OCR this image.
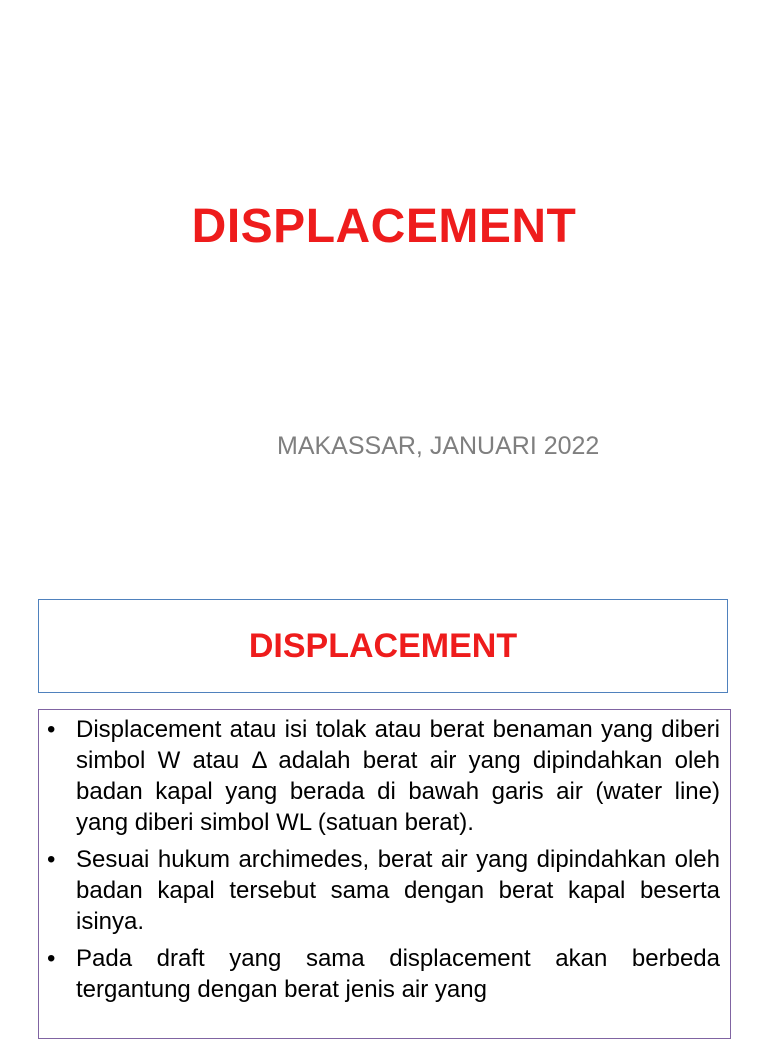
DISPLACEMENT
MAKASSAR, JANUARI 2022
DISPLACEMENT
• Displacement atau isi tolak atau berat benaman yang diberi simbol W atau Δ adalah berat air yang dipindahkan oleh badan kapal yang berada di bawah garis air (water line) yang diberi simbol WL (satuan berat).
• Sesuai hukum archimedes, berat air yang dipindahkan oleh badan kapal tersebut sama dengan berat kapal beserta isinya.
• Pada draft yang sama displacement akan berbeda tergantung dengan berat jenis air yang
